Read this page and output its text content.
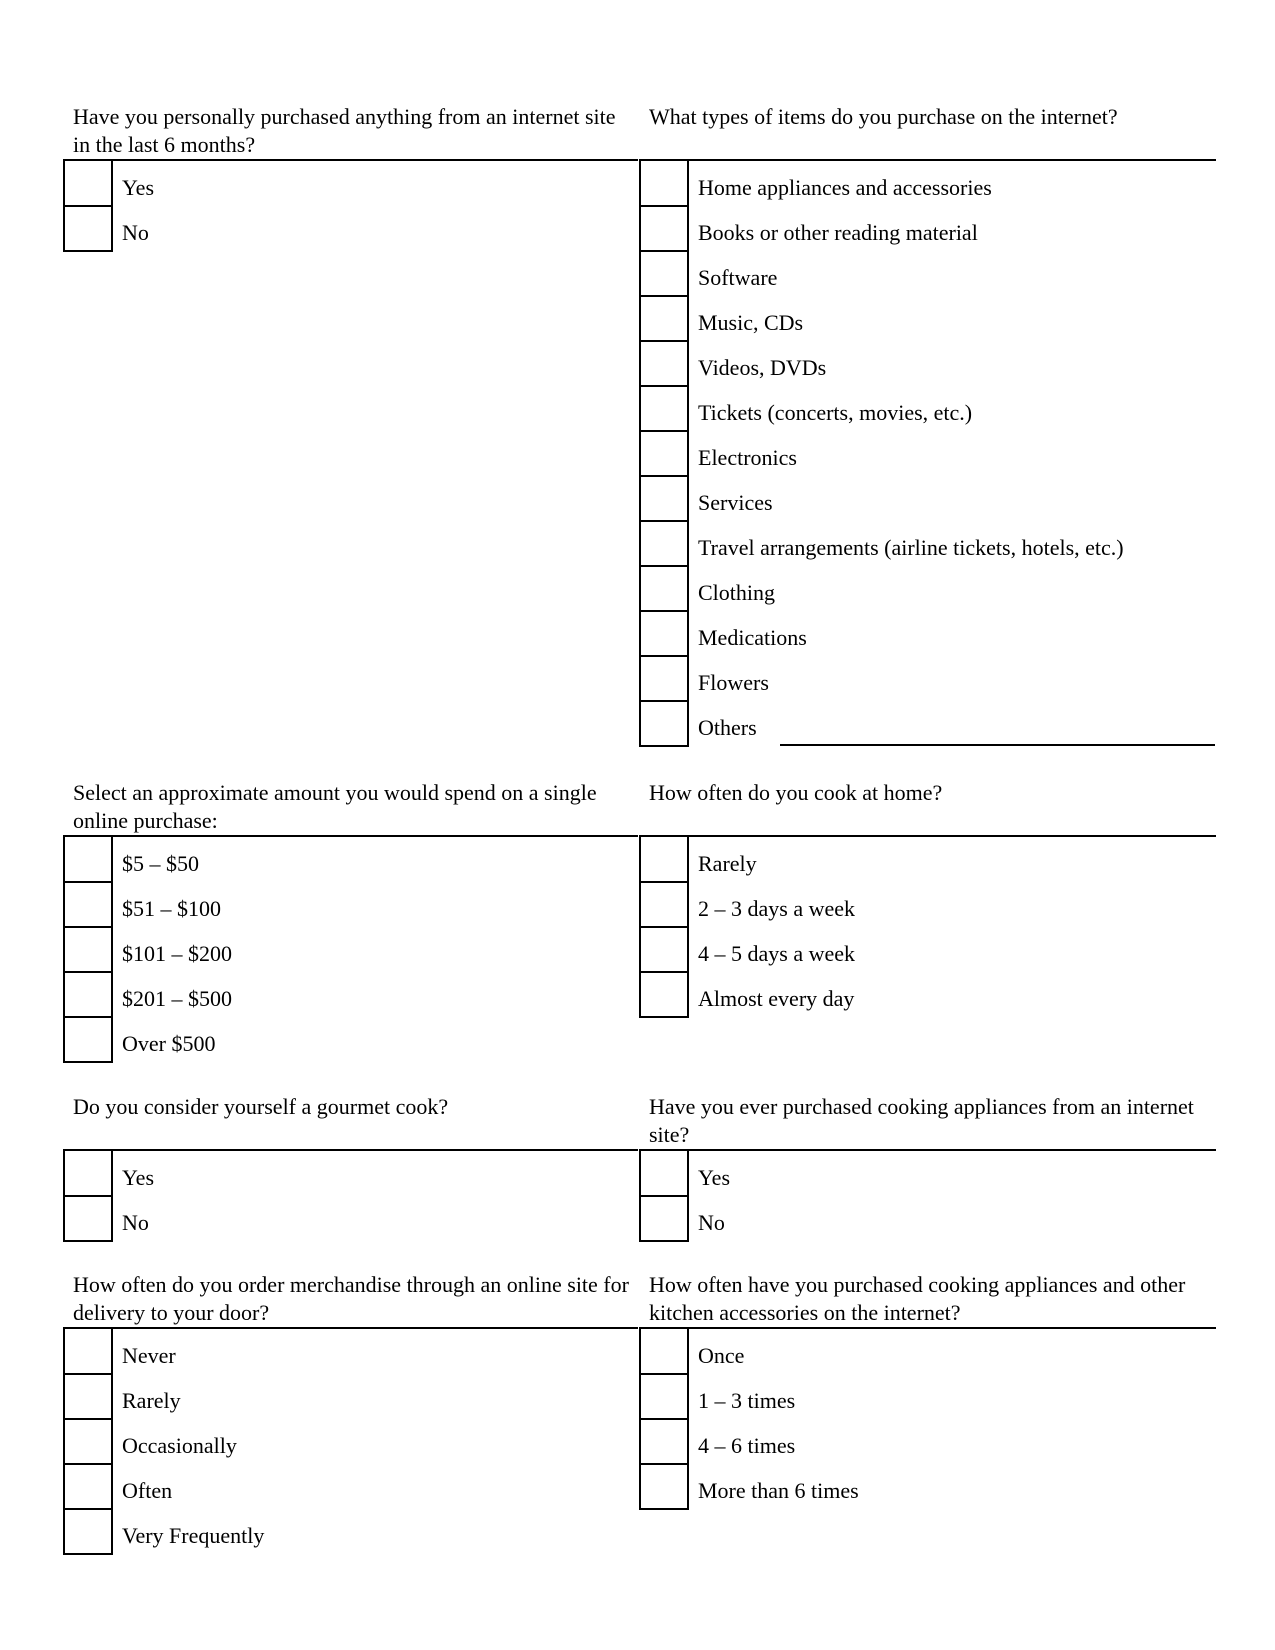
Have you personally purchased anything from an internet site in the last 6 months?
Yes
No
What types of items do you purchase on the internet?
Home appliances and accessories
Books or other reading material
Software
Music, CDs
Videos, DVDs
Tickets (concerts, movies, etc.)
Electronics
Services
Travel arrangements (airline tickets, hotels, etc.)
Clothing
Medications
Flowers
Others
Select an approximate amount you would spend on a single online purchase:
$5 – $50
$51 – $100
$101 – $200
$201 – $500
Over $500
How often do you cook at home?
Rarely
2 – 3 days a week
4 – 5 days a week
Almost every day
Do you consider yourself a gourmet cook?
Yes
No
Have you ever purchased cooking appliances from an internet site?
Yes
No
How often do you order merchandise through an online site for delivery to your door?
Never
Rarely
Occasionally
Often
Very Frequently
How often have you purchased cooking appliances and other kitchen accessories on the internet?
Once
1 – 3 times
4 – 6 times
More than 6 times
